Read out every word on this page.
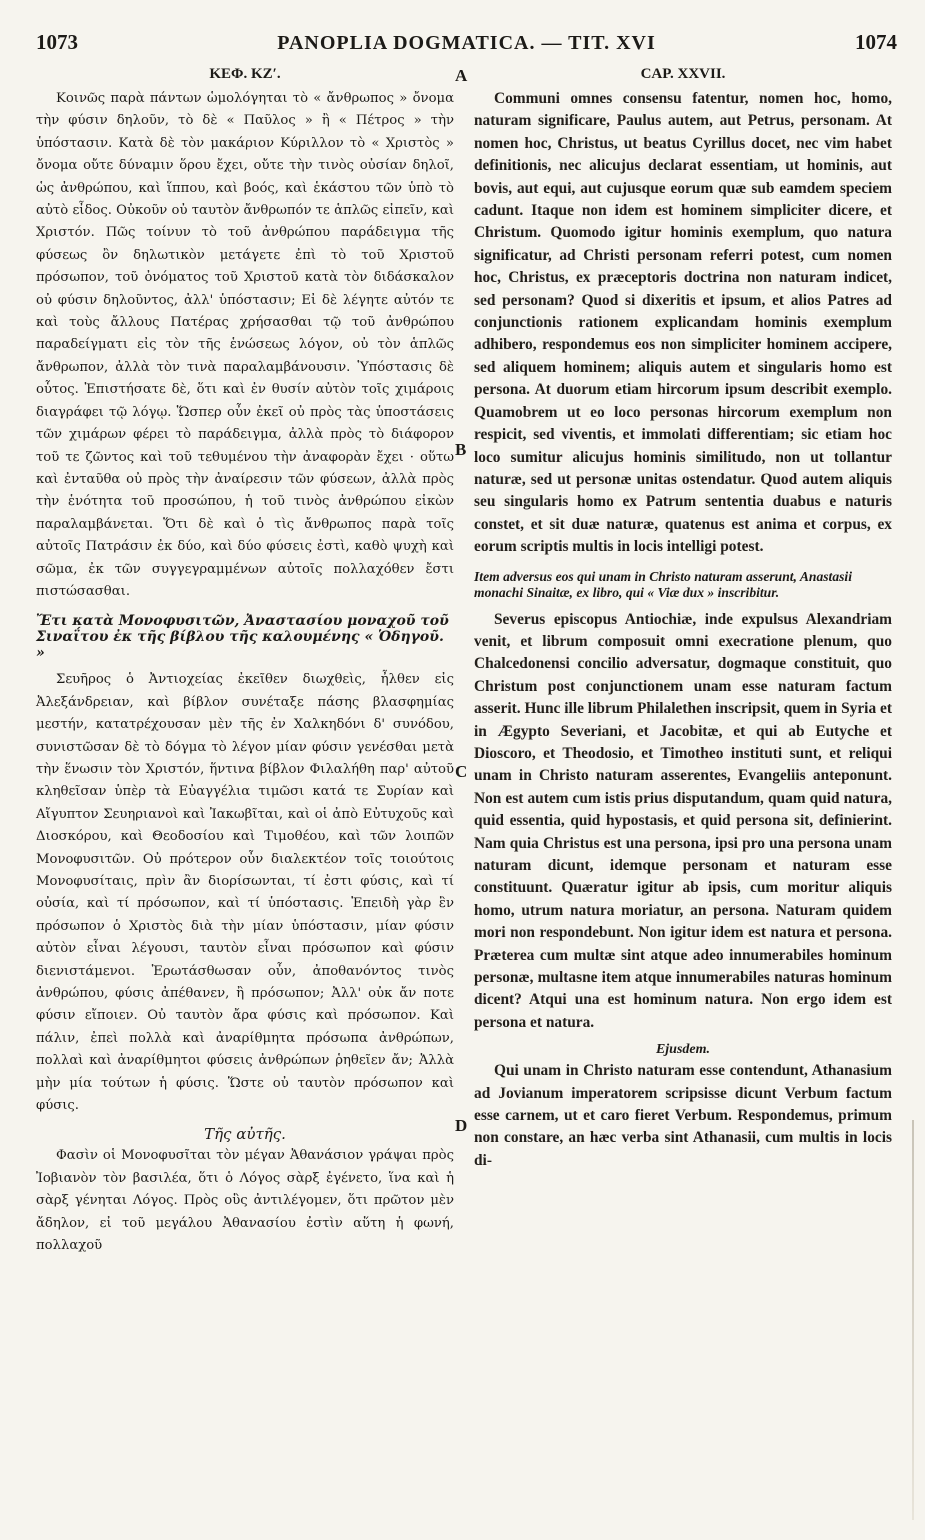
1073	PANOPLIA DOGMATICA. — TIT. XVI	1074
ΚΕΦ. ΚΖʹ.

Κοινῶς παρὰ πάντων ὡμολόγηται τὸ « ἄνθρωπος » ὄνομα τὴν φύσιν δηλοῦν, τὸ δὲ « Παῦλος » ἢ « Πέτρος » τὴν ὑπόστασιν. Κατὰ δὲ τὸν μακάριον Κύριλλον τὸ « Χριστὸς » ὄνομα οὔτε δύναμιν ὅρου ἔχει, οὔτε τὴν τινὸς οὐσίαν δηλοῖ, ὡς ἀνθρώπου, καὶ ἵππου, καὶ βοός, καὶ ἑκάστου τῶν ὑπὸ τὸ αὐτὸ εἶδος. Οὐκοῦν οὐ ταυτὸν ἄνθρωπόν τε ἁπλῶς εἰπεῖν, καὶ Χριστόν. Πῶς τοίνυν τὸ τοῦ ἀνθρώπου παράδειγμα τῆς φύσεως ὂν δηλωτικὸν μετάγετε ἐπὶ τὸ τοῦ Χριστοῦ πρόσωπον, τοῦ ὀνόματος τοῦ Χριστοῦ κατὰ τὸν διδάσκαλον οὐ φύσιν δηλοῦντος, ἀλλ' ὑπόστασιν; Εἰ δὲ λέγητε αὐτόν τε καὶ τοὺς ἄλλους Πατέρας χρήσασθαι τῷ τοῦ ἀνθρώπου παραδείγματι εἰς τὸν τῆς ἑνώσεως λόγον, οὐ τὸν ἁπλῶς ἄνθρωπον, ἀλλὰ τὸν τινὰ παραλαμβάνουσιν. Ὑπόστασις δὲ οὗτος. Ἐπιστήσατε δὲ, ὅτι καὶ ἐν θυσίν αὐτὸν τοῖς χιμάροις διαγράφει τῷ λόγῳ. Ὥσπερ οὖν ἐκεῖ οὐ πρὸς τὰς ὑποστάσεις τῶν χιμάρων φέρει τὸ παράδειγμα, ἀλλὰ πρὸς τὸ διάφορον τοῦ τε ζῶντος καὶ τοῦ τεθυμένου τὴν ἀναφορὰν ἔχει · οὕτω καὶ ἐνταῦθα οὐ πρὸς τὴν ἀναίρεσιν τῶν φύσεων, ἀλλὰ πρὸς τὴν ἑνότητα τοῦ προσώπου, ἡ τοῦ τινὸς ἀνθρώπου εἰκὼν παραλαμβάνεται. Ὅτι δὲ καὶ ὁ τὶς ἄνθρωπος παρὰ τοῖς αὐτοῖς Πατράσιν ἐκ δύο, καὶ δύο φύσεις ἐστὶ, καθὸ ψυχὴ καὶ σῶμα, ἐκ τῶν συγγεγραμμένων αὐτοῖς πολλαχόθεν ἔστι πιστώσασθαι.

Ἔτι κατὰ Μονοφυσιτῶν, Ἀναστασίου μοναχοῦ τοῦ Σιναΐτου ἐκ τῆς βίβλου τῆς καλουμένης « Ὁδηγοῦ. »

Σευῆρος ὁ Ἀντιοχείας ἐκεῖθεν διωχθεὶς, ἦλθεν εἰς Ἀλεξάνδρειαν, καὶ βίβλον συνέταξε πάσης βλασφημίας μεστήν, κατατρέχουσαν μὲν τῆς ἐν Χαλκηδόνι δ' συνόδου, συνιστῶσαν δὲ τὸ δόγμα τὸ λέγον μίαν φύσιν γενέσθαι μετὰ τὴν ἕνωσιν τὸν Χριστόν, ἥντινα βίβλον Φιλαλήθη παρ' αὐτοῦ κληθεῖσαν ὑπὲρ τὰ Εὐαγγέλια τιμῶσι κατά τε Συρίαν καὶ Αἴγυπτον Σευηριανοὶ καὶ Ἰακωβῖται, καὶ οἱ ἀπὸ Εὐτυχοῦς καὶ Διοσκόρου, καὶ Θεοδοσίου καὶ Τιμοθέου, καὶ τῶν λοιπῶν Μονοφυσιτῶν. Οὐ πρότερον οὖν διαλεκτέον τοῖς τοιούτοις Μονοφυσίταις, πρὶν ἂν διορίσωνται, τί ἐστι φύσις, καὶ τί οὐσία, καὶ τί πρόσωπον, καὶ τί ὑπόστασις. Ἐπειδὴ γὰρ ἓν πρόσωπον ὁ Χριστὸς διὰ τὴν μίαν ὑπόστασιν, μίαν φύσιν αὐτὸν εἶναι λέγουσι, ταυτὸν εἶναι πρόσωπον καὶ φύσιν διενιστάμενοι. Ἐρωτάσθωσαν οὖν, ἀποθανόντος τινὸς ἀνθρώπου, φύσις ἀπέθανεν, ἢ πρόσωπον; Ἀλλ' οὐκ ἄν ποτε φύσιν εἴποιεν. Οὐ ταυτὸν ἄρα φύσις καὶ πρόσωπον. Καὶ πάλιν, ἐπεὶ πολλὰ καὶ ἀναρίθμητα πρόσωπα ἀνθρώπων, πολλαὶ καὶ ἀναρίθμητοι φύσεις ἀνθρώπων ῥηθεῖεν ἄν; Ἀλλὰ μὴν μία τούτων ἡ φύσις. Ὥστε οὐ ταυτὸν πρόσωπον καὶ φύσις.

Τῆς αὐτῆς.

Φασὶν οἱ Μονοφυσῖται τὸν μέγαν Ἀθανάσιον γράψαι πρὸς Ἰοβιανὸν τὸν βασιλέα, ὅτι ὁ Λόγος σὰρξ ἐγένετο, ἵνα καὶ ἡ σὰρξ γένηται Λόγος. Πρὸς οὓς ἀντιλέγομεν, ὅτι πρῶτον μὲν ἄδηλον, εἰ τοῦ μεγάλου Ἀθανασίου ἐστὶν αὕτη ἡ φωνή, πολλαχοῦ

A
B
C
D
CAP. XXVII.

Communi omnes consensu fatentur, nomen hoc, homo, naturam significare, Paulus autem, aut Petrus, personam. At nomen hoc, Christus, ut beatus Cyrillus docet, nec vim habet definitionis, nec alicujus declarat essentiam, ut hominis, aut bovis, aut equi, aut cujusque eorum quæ sub eamdem speciem cadunt. Itaque non idem est hominem simpliciter dicere, et Christum. Quomodo igitur hominis exemplum, quo natura significatur, ad Christi personam referri potest, cum nomen hoc, Christus, ex præceptoris doctrina non naturam indicet, sed personam? Quod si dixeritis et ipsum, et alios Patres ad conjunctionis rationem explicandam hominis exemplum adhibero, respondemus eos non simpliciter hominem accipere, sed aliquem hominem; aliquis autem et singularis homo est persona. At duorum etiam hircorum ipsum describit exemplo. Quamobrem ut eo loco personas hircorum exemplum non respicit, sed viventis, et immolati differentiam; sic etiam hoc loco sumitur alicujus hominis similitudo, non ut tollantur naturæ, sed ut personæ unitas ostendatur. Quod autem aliquis seu singularis homo ex Patrum sententia duabus e naturis constet, et sit duæ naturæ, quatenus est anima et corpus, ex eorum scriptis multis in locis intelligi potest.

Item adversus eos qui unam in Christo naturam asserunt, Anastasii monachi Sinaitæ, ex libro, qui « Viæ dux » inscribitur.

Severus episcopus Antiochiæ, inde expulsus Alexandriam venit, et librum composuit omni execratione plenum, quo Chalcedonensi concilio adversatur, dogmaque constituit, quo Christum post conjunctionem unam esse naturam factum asserit. Hunc ille librum Philalethen inscripsit, quem in Syria et in Ægypto Severiani, et Jacobitæ, et qui ab Eutyche et Dioscoro, et Theodosio, et Timotheo instituti sunt, et reliqui unam in Christo naturam asserentes, Evangeliis anteponunt. Non est autem cum istis prius disputandum, quam quid natura, quid essentia, quid hypostasis, et quid persona sit, definierint. Nam quia Christus est una persona, ipsi pro una persona unam naturam dicunt, idemque personam et naturam esse constituunt. Quæratur igitur ab ipsis, cum moritur aliquis homo, utrum natura moriatur, an persona. Naturam quidem mori non respondebunt. Non igitur idem est natura et persona. Præterea cum multæ sint atque adeo innumerabiles hominum personæ, multasne item atque innumerabiles naturas hominum dicent? Atqui una est hominum natura. Non ergo idem est persona et natura.

Ejusdem.

Qui unam in Christo naturam esse contendunt, Athanasium ad Jovianum imperatorem scripsisse dicunt Verbum factum esse carnem, ut et caro fieret Verbum. Respondemus, primum non constare, an hæc verba sint Athanasii, cum multis in locis di-
